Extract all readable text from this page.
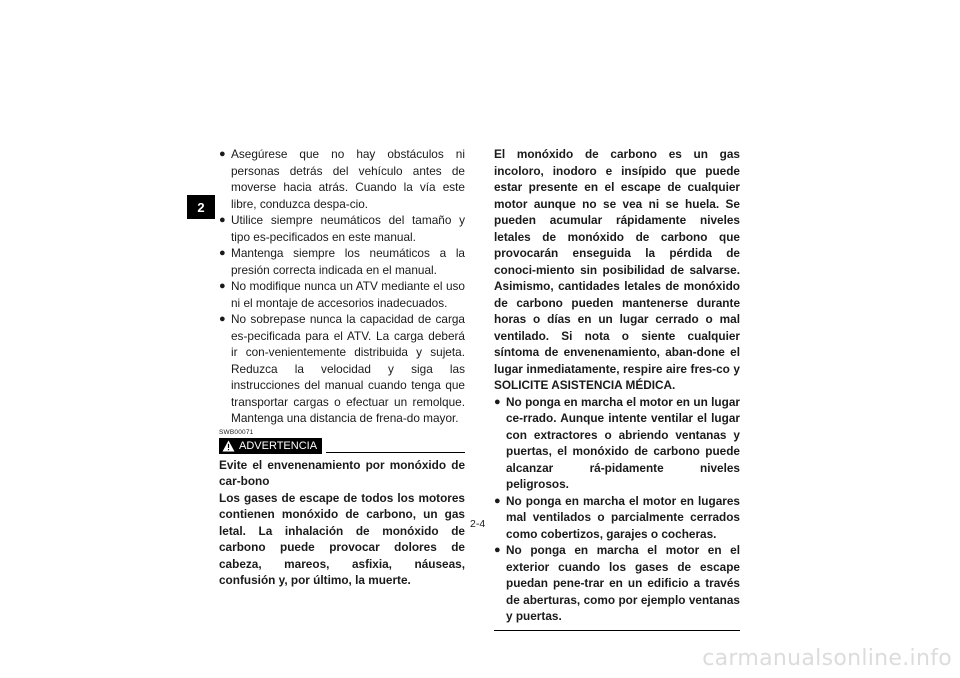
2
● Asegúrese que no hay obstáculos ni personas detrás del vehículo antes de moverse hacia atrás. Cuando la vía este libre, conduzca despa-cio.
● Utilice siempre neumáticos del tamaño y tipo es-pecificados en este manual.
● Mantenga siempre los neumáticos a la presión correcta indicada en el manual.
● No modifique nunca un ATV mediante el uso ni el montaje de accesorios inadecuados.
● No sobrepase nunca la capacidad de carga es-pecificada para el ATV. La carga deberá ir con-venientemente distribuida y sujeta. Reduzca la velocidad y siga las instrucciones del manual cuando tenga que transportar cargas o efectuar un remolque. Mantenga una distancia de frena-do mayor.
SWB00071
ADVERTENCIA
Evite el envenenamiento por monóxido de car-bono
Los gases de escape de todos los motores contienen monóxido de carbono, un gas letal. La inhalación de monóxido de carbono puede provocar dolores de cabeza, mareos, asfixia, náuseas, confusión y, por último, la muerte.
El monóxido de carbono es un gas incoloro, inodoro e insípido que puede estar presente en el escape de cualquier motor aunque no se vea ni se huela. Se pueden acumular rápidamente niveles letales de monóxido de carbono que provocarán enseguida la pérdida de conoci-miento sin posibilidad de salvarse. Asimismo, cantidades letales de monóxido de carbono pueden mantenerse durante horas o días en un lugar cerrado o mal ventilado. Si nota o siente cualquier síntoma de envenenamiento, aban-done el lugar inmediatamente, respire aire fres-co y SOLICITE ASISTENCIA MÉDICA.
● No ponga en marcha el motor en un lugar ce-rrado. Aunque intente ventilar el lugar con extractores o abriendo ventanas y puertas, el monóxido de carbono puede alcanzar rá-pidamente niveles peligrosos.
● No ponga en marcha el motor en lugares mal ventilados o parcialmente cerrados como cobertizos, garajes o cocheras.
● No ponga en marcha el motor en el exterior cuando los gases de escape puedan pene-trar en un edificio a través de aberturas, como por ejemplo ventanas y puertas.
2-4
carmanualsonline.info
